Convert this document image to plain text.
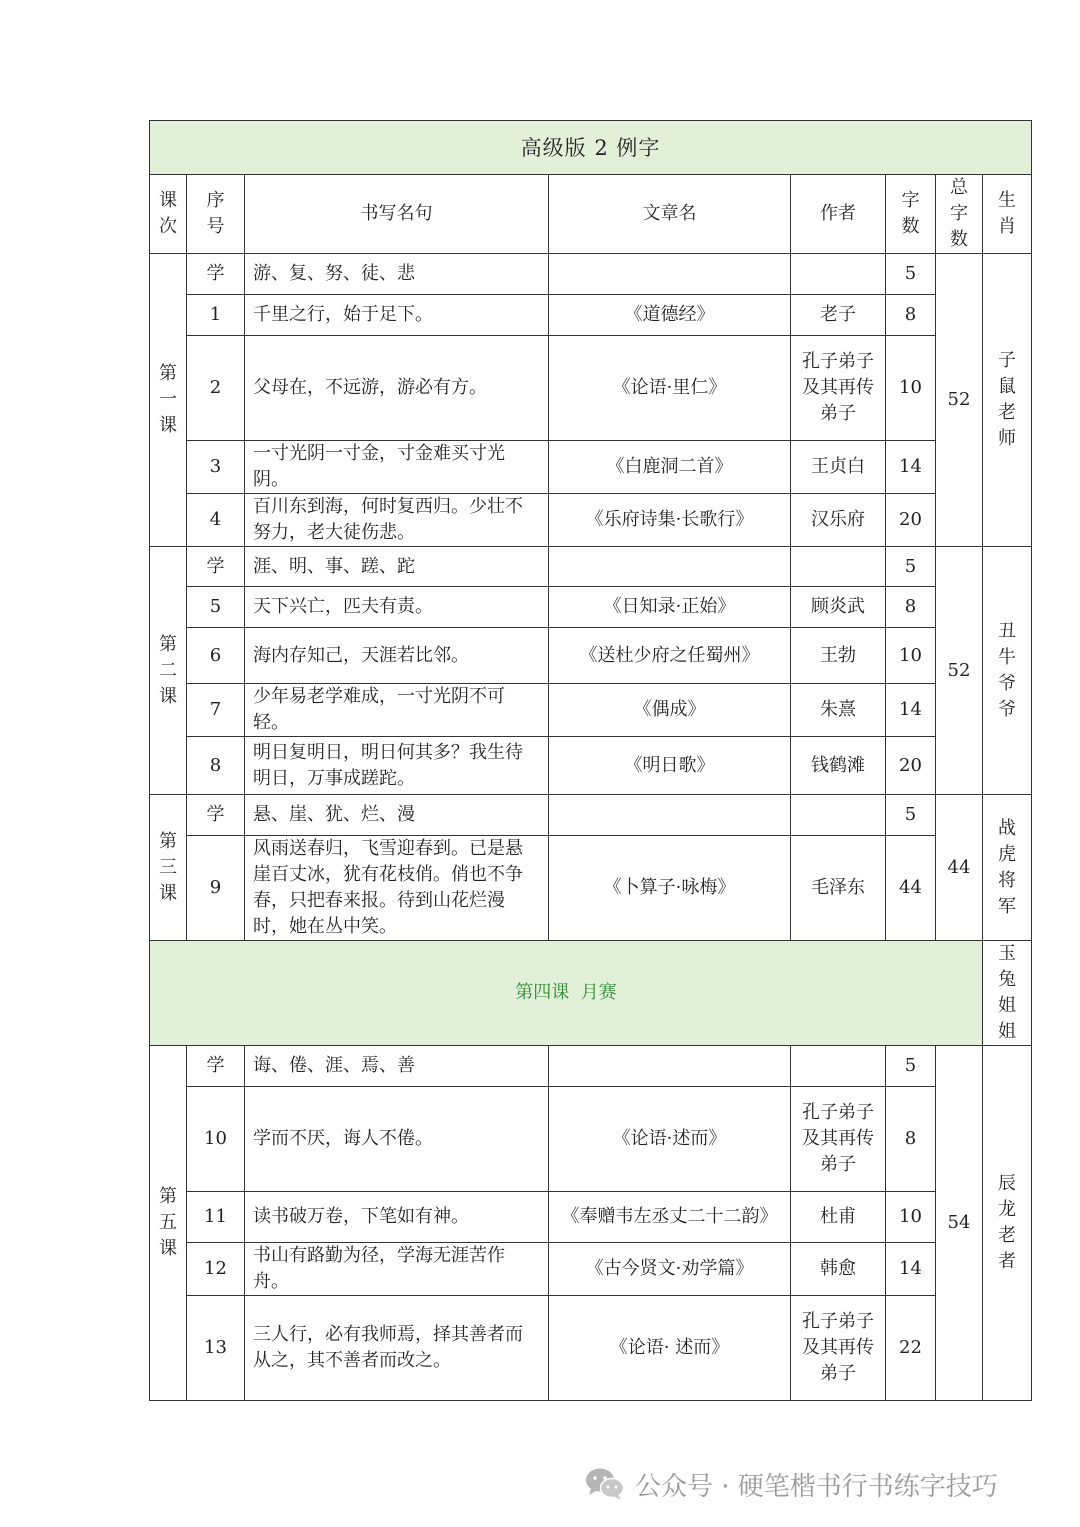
高级版 2 例字							
课次	序号	书写名句	文章名	作者	字数	总字数	生肖
第一课	学	游、复、努、徒、悲			5	52	子鼠老师
	1	千里之行，始于足下。	《道德经》	老子	8		
	2	父母在，不远游，游必有方。	《论语·里仁》	孔子弟子及其再传弟子	10		
	3	一寸光阴一寸金，寸金难买寸光阴。	《白鹿洞二首》	王贞白	14		
	4	百川东到海，何时复西归。少壮不努力，老大徒伤悲。	《乐府诗集·长歌行》	汉乐府	20		
第二课	学	涯、明、事、蹉、跎			5	52	丑牛爷爷
	5	天下兴亡，匹夫有责。	《日知录·正始》	顾炎武	8		
	6	海内存知己，天涯若比邻。	《送杜少府之任蜀州》	王勃	10		
	7	少年易老学难成，一寸光阴不可轻。	《偶成》	朱熹	14		
	8	明日复明日，明日何其多？我生待明日，万事成蹉跎。	《明日歌》	钱鹤滩	20		
第三课	学	悬、崖、犹、烂、漫			5	44	战虎将军
	9	风雨送春归，飞雪迎春到。已是悬崖百丈冰，犹有花枝俏。俏也不争春，只把春来报。待到山花烂漫时，她在丛中笑。	《卜算子·咏梅》	毛泽东	44		
第四课  月赛							玉兔姐姐
第五课	学	诲、倦、涯、焉、善			5	54	辰龙老者
	10	学而不厌，诲人不倦。	《论语·述而》	孔子弟子及其再传弟子	8		
	11	读书破万卷，下笔如有神。	《奉赠韦左丞丈二十二韵》	杜甫	10		
	12	书山有路勤为径，学海无涯苦作舟。	《古今贤文·劝学篇》	韩愈	14		
	13	三人行，必有我师焉，择其善者而从之，其不善者而改之。	《论语· 述而》	孔子弟子及其再传弟子	22		
公众号 · 硬笔楷书行书练字技巧
